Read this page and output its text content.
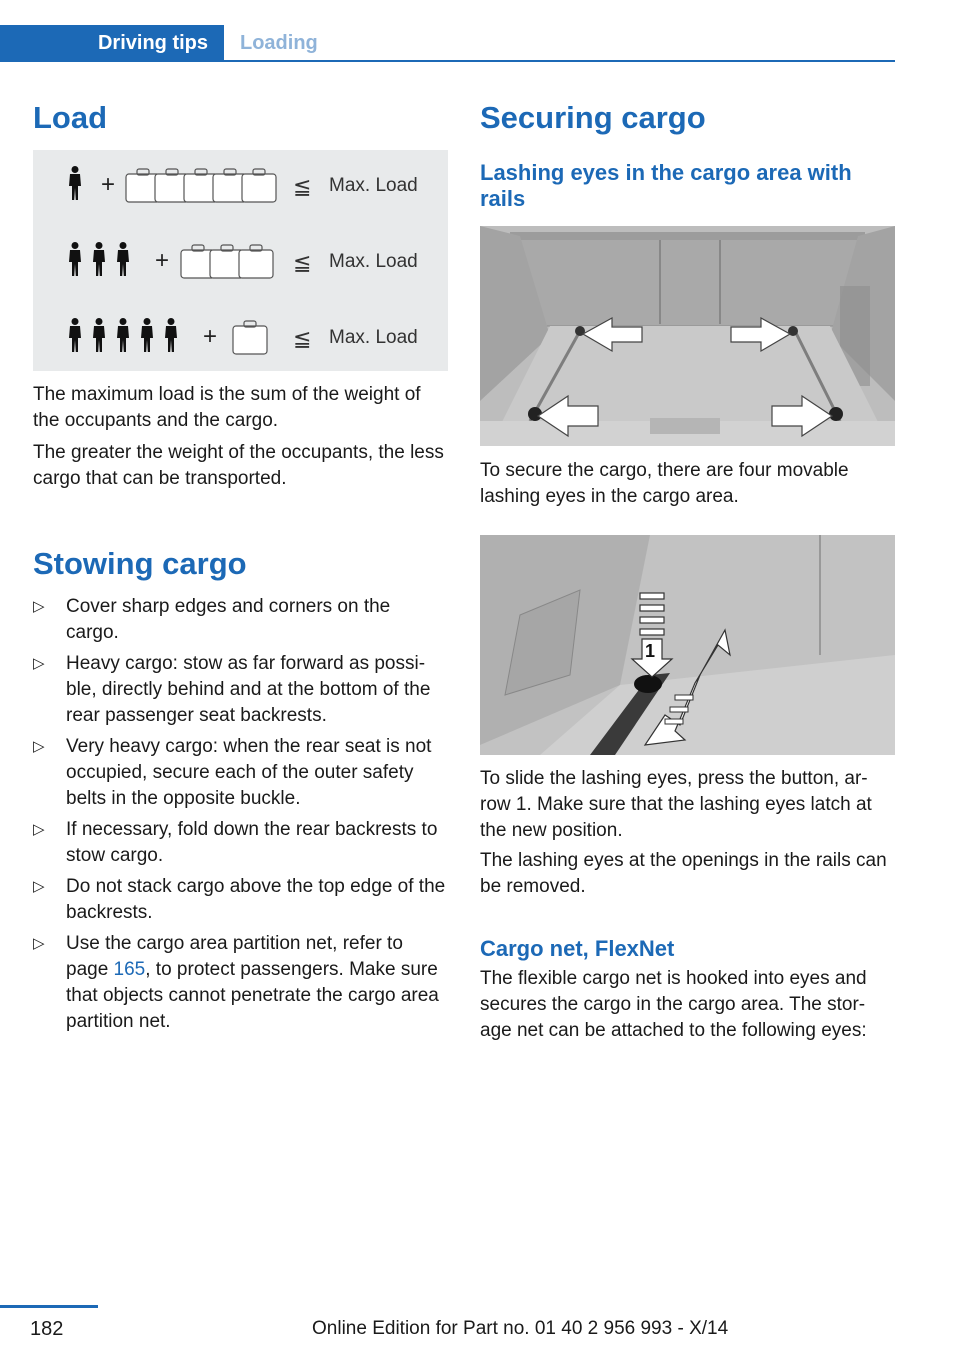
Driving tips	Loading
Load
+	≦ Max. Load
+	≦ Max. Load
+	≦ Max. Load

The maximum load is the sum of the weight of the occupants and the cargo.

The greater the weight of the occupants, the less cargo that can be transported.

Stowing cargo
▷ Cover sharp edges and corners on the cargo.
▷ Heavy cargo: stow as far forward as possi‐ble, directly behind and at the bottom of the rear passenger seat backrests.
▷ Very heavy cargo: when the rear seat is not occupied, secure each of the outer safety belts in the opposite buckle.
▷ If necessary, fold down the rear backrests to stow cargo.
▷ Do not stack cargo above the top edge of the backrests.
▷ Use the cargo area partition net, refer to page 165, to protect passengers. Make sure that objects cannot penetrate the cargo area partition net.
Securing cargo
Lashing eyes in the cargo area with rails

To secure the cargo, there are four movable lashing eyes in the cargo area.

1

To slide the lashing eyes, press the button, ar‐row 1. Make sure that the lashing eyes latch at the new position.

The lashing eyes at the openings in the rails can be removed.

Cargo net, FlexNet

The flexible cargo net is hooked into eyes and secures the cargo in the cargo area. The stor‐age net can be attached to the following eyes:

182	Online Edition for Part no. 01 40 2 956 993 - X/14
